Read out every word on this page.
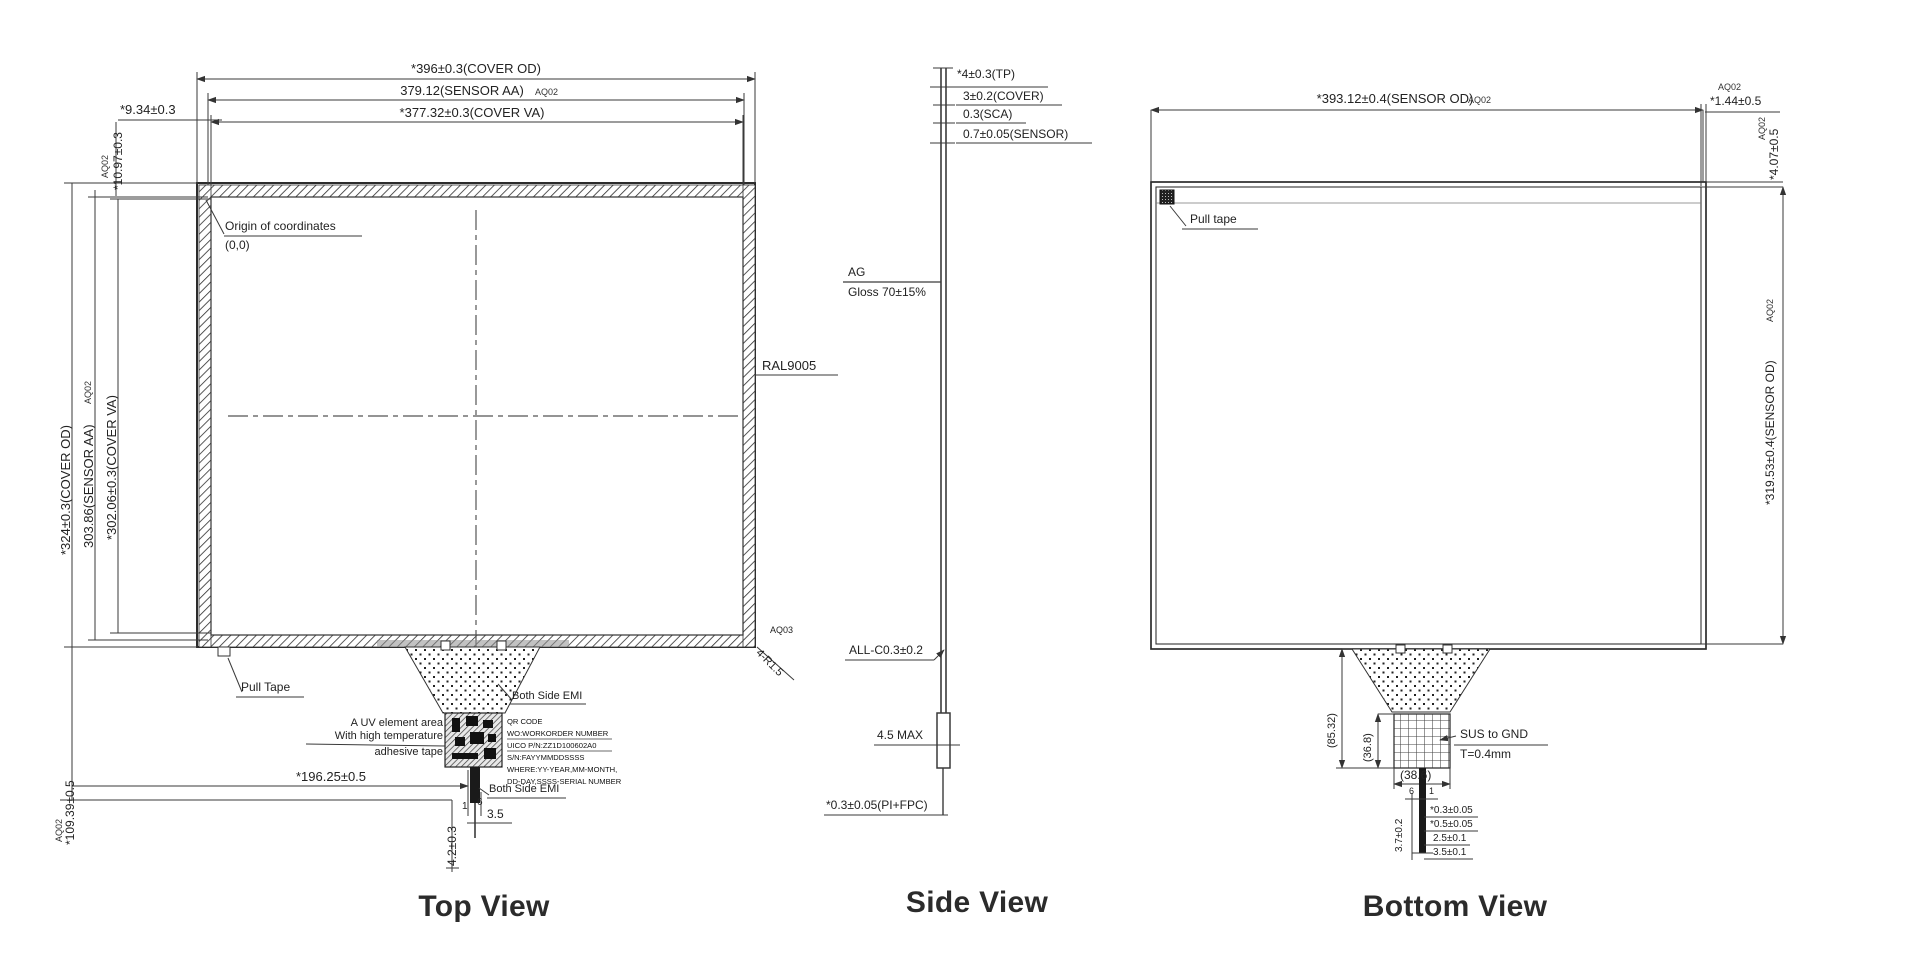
*396±0.3(COVER OD)
379.12(SENSOR AA) AQ02
*377.32±0.3(COVER VA)
*9.34±0.3
*10.97±0.3
AQ02
*324±0.3(COVER OD) 303.86(SENSOR AA)
AQ02
*302.06±0.3(COVER VA)
Origin of coordinates
(0,0)
RAL9005
Pull Tape
Both Side EMI
A UV element area
With high temperature
adhesive tape
QR CODE
WO:WORKORDER NUMBER
UICO P/N:ZZ1D100602A0
S/N:FAYYMMDDSSSS
WHERE:YY-YEAR,MM-MONTH,
DD-DAY,SSSS-SERIAL NUMBER
Both Side EMI
*196.25±0.5
1 6
3.5
4.2±0.3
*109.39±0.5
AQ02
AQ03
4-R1.5
Top View
*4±0.3(TP)
3±0.2(COVER)
0.3(SCA)
0.7±0.05(SENSOR)
AG
Gloss 70±15%
ALL-C0.3±0.2
4.5 MAX
*0.3±0.05(PI+FPC)
Side View
*393.12±0.4(SENSOR OD)
AQ02
AQ02
*1.44±0.5
AQ02
*4.07±0.5
*319.53±0.4(SENSOR OD)
AQ02
Pull tape
SUS to GND
T=0.4mm
(85.32) (36.8)
(38.6)
6 1
*0.3±0.05
*0.5±0.05
2.5±0.1
3.5±0.1
3.7±0.2
Bottom View
